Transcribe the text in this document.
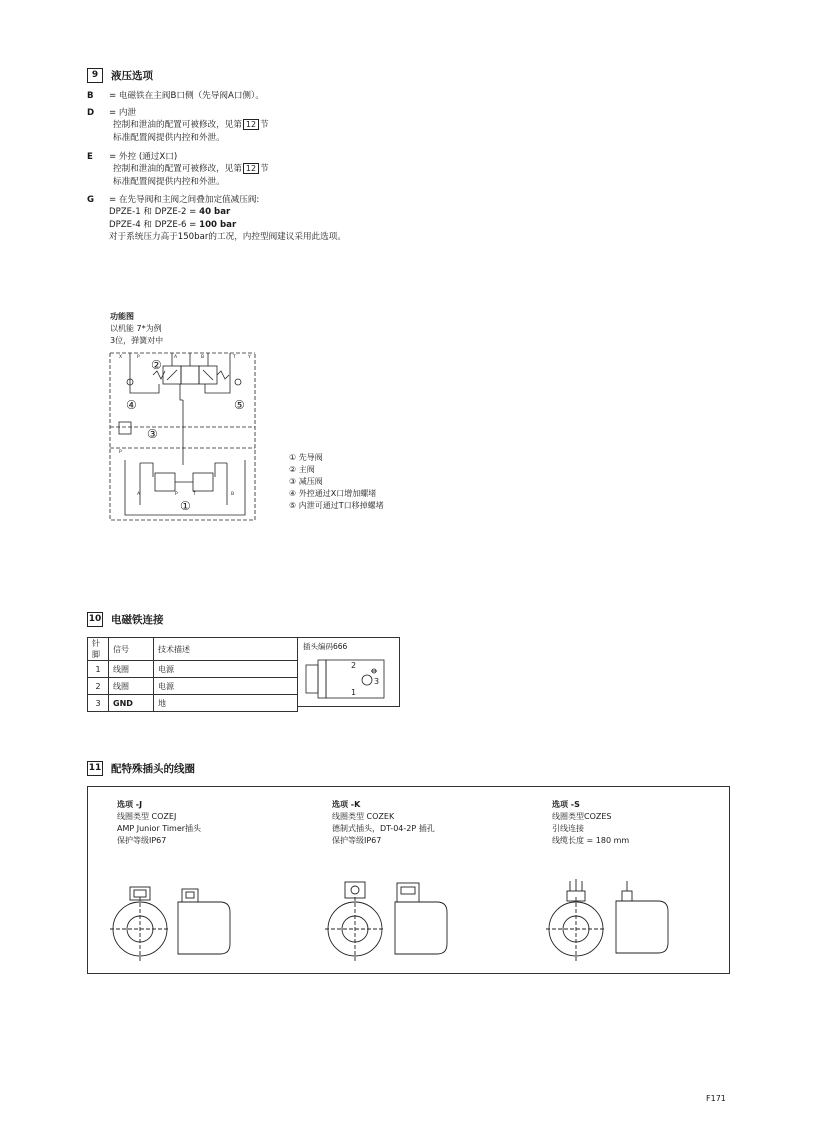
9	液压选项
B	= 电磁铁在主阀B口侧（先导阀A口侧）。
D	= 内泄
控制和泄油的配置可被修改，见第 12 节
标准配置阀提供内控和外泄。
E	= 外控 (通过X口)
控制和泄油的配置可被修改，见第 12 节
标准配置阀提供内控和外泄。
G	= 在先导阀和主阀之间叠加定值减压阀:
DPZE-1 和 DPZE-2 = 40 bar
DPZE-4 和 DPZE-6 = 100 bar
对于系统压力高于150bar的工况，内控型阀建议采用此选项。
功能图
以机能 7*为例
3位，弹簧对中
X	P	A	B	T	Y
P
A	P	T	B
②
④	⑤
③
①
① 先导阀
② 主阀
③ 减压阀
④ 外控通过X口增加螺堵
⑤ 内泄可通过T口移掉螺堵
10 电磁铁连接
针脚	信号	技术描述
1	线圈	电源
2	线圈	电源
3	GND	地
插头编码666
2
3
1
11 配特殊插头的线圈
选项 -J
线圈类型 COZEJ
AMP Junior Timer插头
保护等级IP67
选项 -K
线圈类型 COZEK
德制式插头，DT-04-2P 插孔
保护等级IP67
选项 -S
线圈类型COZES
引线连接
线缆长度 = 180 mm
F171
